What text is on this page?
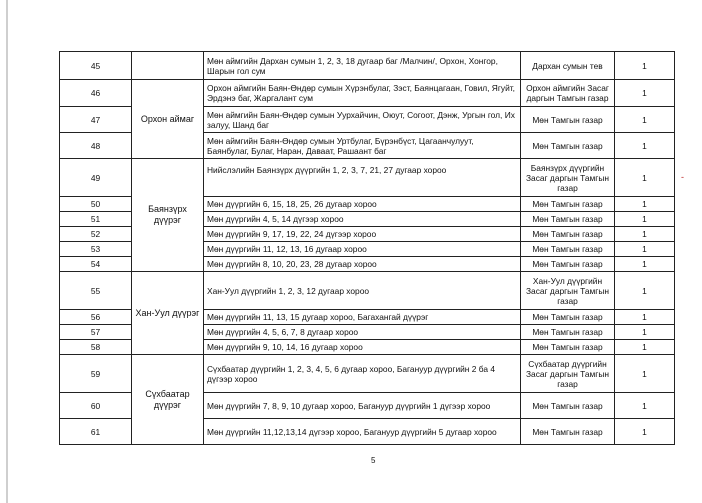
45		Мөн аймгийн Дархан сумын 1, 2, 3, 18 дугаар баг /Малчин/, Орхон, Хонгор, Шарын гол сум	Дархан сумын тев	1
46	Орхон аймаг	Орхон аймгийн Баян-Өндөр сумын Хүрэнбулаг, Зэст, Баянцагаан, Говил, Ягуйт, Эрдэнэ баг, Жаргалант сум	Орхон аймгийн Засаг даргын Тамгын газар	1
47		Мөн аймгийн Баян-Өндөр сумын Уурхайчин, Оюут, Согоот, Дэнж, Ургын гол, Их залуу, Шанд баг	Мөн Тамгын газар	1
48		Мөн аймгийн Баян-Өндөр сумын Уртбулаг, Бүрэнбүст, Цагаанчулуут, Баянбулаг, Булаг, Наран, Даваат, Рашаант баг	Мөн Тамгын газар	1
49	Баянзүрх дүүрэг	Нийслэлийн Баянзүрх дүүргийн 1, 2, 3, 7, 21, 27 дугаар хороо	Баянзүрх дүүргийн Засаг даргын Тамгын газар	1
50		Мөн дүүргийн 6, 15, 18, 25, 26 дугаар хороо	Мөн Тамгын газар	1
51		Мөн дүүргийн 4, 5, 14 дүгээр хороо	Мөн Тамгын газар	1
52		Мөн дүүргийн 9, 17, 19, 22, 24 дүгээр хороо	Мөн Тамгын газар	1
53		Мөн дүүргийн 11, 12, 13, 16 дугаар хороо	Мөн Тамгын газар	1
54		Мөн дүүргийн 8, 10, 20, 23, 28 дугаар хороо	Мөн Тамгын газар	1
55	Хан-Уул дүүрэг	Хан-Уул дүүргийн 1, 2, 3, 12 дугаар хороо	Хан-Уул дүүргийн Засаг даргын Тамгын газар	1
56		Мөн дүүргийн 11, 13, 15 дугаар хороо, Багахангай дүүрэг	Мөн Тамгын газар	1
57		Мөн дүүргийн 4, 5, 6, 7, 8 дугаар хороо	Мөн Тамгын газар	1
58		Мөн дүүргийн 9, 10, 14, 16 дугаар хороо	Мөн Тамгын газар	1
59	Сүхбаатар дүүрэг	Сүхбаатар дүүргийн 1, 2, 3, 4, 5, 6 дугаар хороо, Багануур дүүргийн 2 ба 4 дүгээр хороо	Сүхбаатар дүүргийн Засаг даргын Тамгын газар	1
60		Мөн дүүргийн 7, 8, 9, 10 дугаар хороо, Багануур дүүргийн 1 дүгээр хороо	Мөн Тамгын газар	1
61		Мөн дүүргийн 11,12,13,14 дүгээр хороо, Багануур дүүргийн 5 дугаар хороо	Мөн Тамгын газар	1
-
5
